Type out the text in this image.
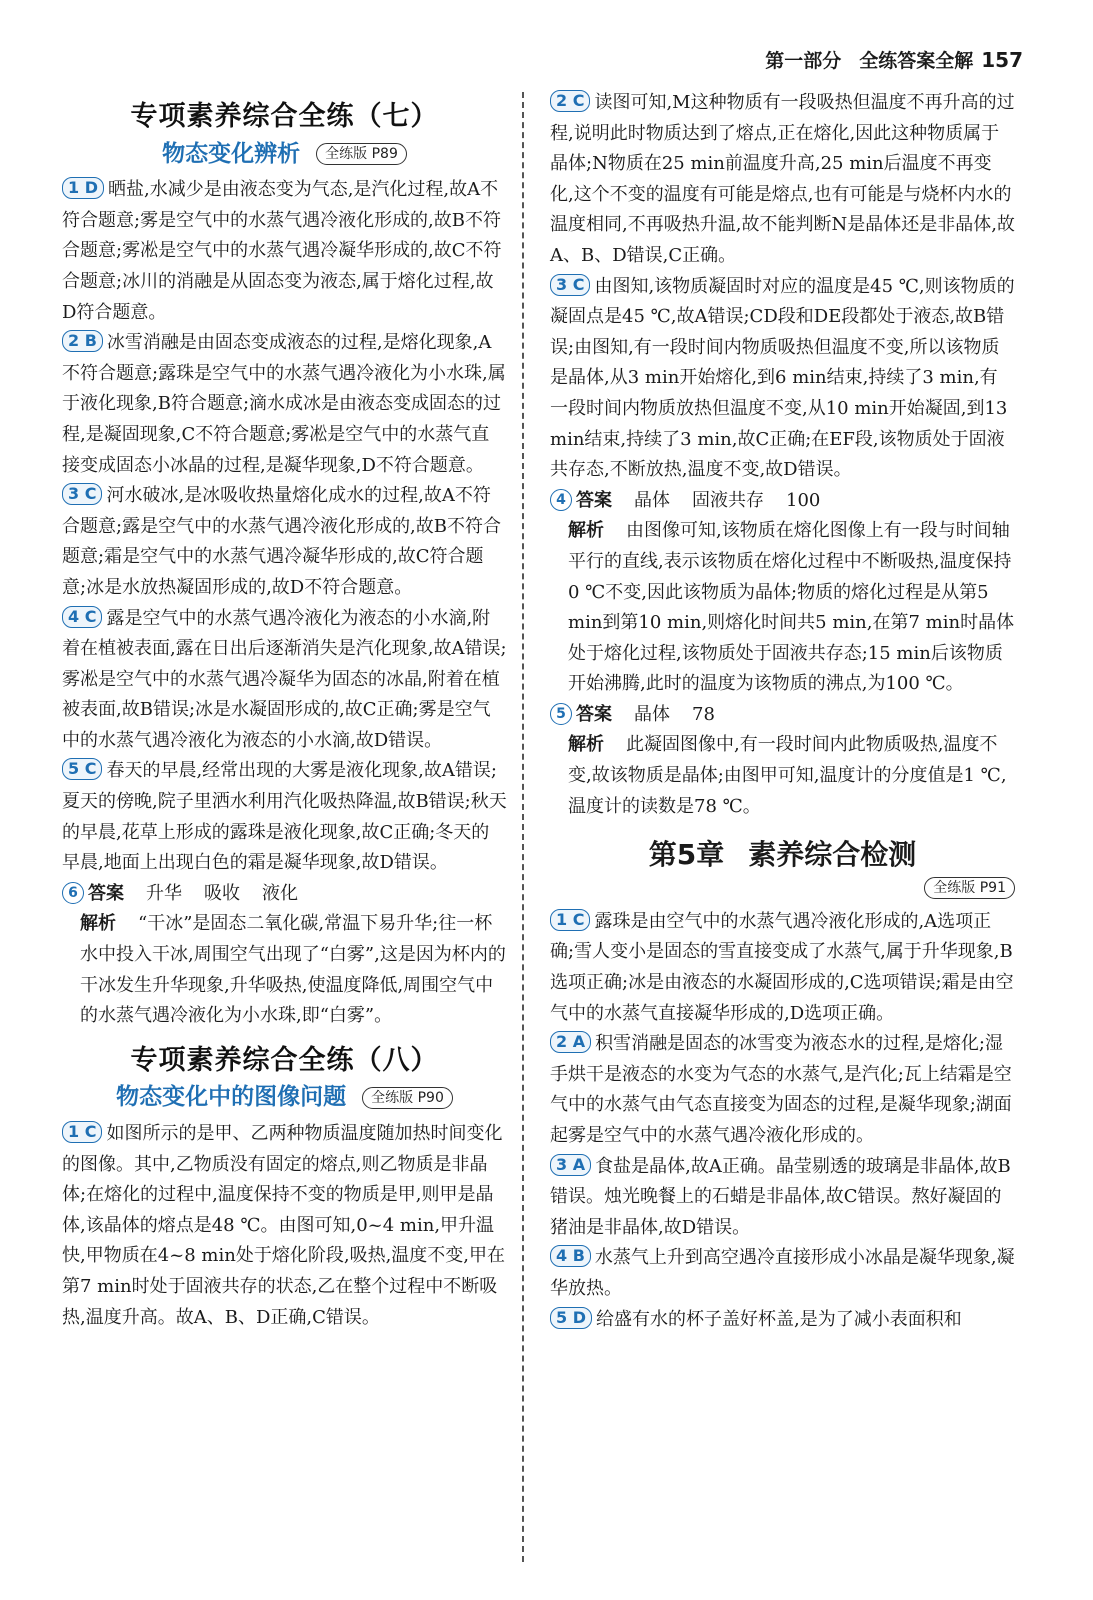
第一部分 全练答案全解 157
专项素养综合全练（七）
物态变化辨析	全练版 P89

1 D 晒盐,水减少是由液态变为气态,是汽化过程,故A不符合题意;雾是空气中的水蒸气遇冷液化形成的,故B不符合题意;雾凇是空气中的水蒸气遇冷凝华形成的,故C不符合题意;冰川的消融是从固态变为液态,属于熔化过程,故D符合题意。

2 B 冰雪消融是由固态变成液态的过程,是熔化现象,A不符合题意;露珠是空气中的水蒸气遇冷液化为小水珠,属于液化现象,B符合题意;滴水成冰是由液态变成固态的过程,是凝固现象,C不符合题意;雾凇是空气中的水蒸气直接变成固态小冰晶的过程,是凝华现象,D不符合题意。

3 C 河水破冰,是冰吸收热量熔化成水的过程,故A不符合题意;露是空气中的水蒸气遇冷液化形成的,故B不符合题意;霜是空气中的水蒸气遇冷凝华形成的,故C符合题意;冰是水放热凝固形成的,故D不符合题意。

4 C 露是空气中的水蒸气遇冷液化为液态的小水滴,附着在植被表面,露在日出后逐渐消失是汽化现象,故A错误;雾凇是空气中的水蒸气遇冷凝华为固态的冰晶,附着在植被表面,故B错误;冰是水凝固形成的,故C正确;雾是空气中的水蒸气遇冷液化为液态的小水滴,故D错误。

5 C 春天的早晨,经常出现的大雾是液化现象,故A错误;夏天的傍晚,院子里洒水利用汽化吸热降温,故B错误;秋天的早晨,花草上形成的露珠是液化现象,故C正确;冬天的早晨,地面上出现白色的霜是凝华现象,故D错误。

6 答案 升华 吸收 液化

解析 “干冰”是固态二氧化碳,常温下易升华;往一杯水中投入干冰,周围空气出现了“白雾”,这是因为杯内的干冰发生升华现象,升华吸热,使温度降低,周围空气中的水蒸气遇冷液化为小水珠,即“白雾”。

专项素养综合全练（八）
物态变化中的图像问题	全练版 P90

1 C 如图所示的是甲、乙两种物质温度随加热时间变化的图像。其中,乙物质没有固定的熔点,则乙物质是非晶体;在熔化的过程中,温度保持不变的物质是甲,则甲是晶体,该晶体的熔点是48 ℃。由图可知,0~4 min,甲升温快,甲物质在4~8 min处于熔化阶段,吸热,温度不变,甲在第7 min时处于固液共存的状态,乙在整个过程中不断吸热,温度升高。故A、B、D正确,C错误。

2 C 读图可知,M这种物质有一段吸热但温度不再升高的过程,说明此时物质达到了熔点,正在熔化,因此这种物质属于晶体;N物质在25 min前温度升高,25 min后温度不再变化,这个不变的温度有可能是熔点,也有可能是与烧杯内水的温度相同,不再吸热升温,故不能判断N是晶体还是非晶体,故A、B、D错误,C正确。

3 C 由图知,该物质凝固时对应的温度是45 ℃,则该物质的凝固点是45 ℃,故A错误;CD段和DE段都处于液态,故B错误;由图知,有一段时间内物质吸热但温度不变,所以该物质是晶体,从3 min开始熔化,到6 min结束,持续了3 min,有一段时间内物质放热但温度不变,从10 min开始凝固,到13 min结束,持续了3 min,故C正确;在EF段,该物质处于固液共存态,不断放热,温度不变,故D错误。

4 答案 晶体 固液共存 100

解析 由图像可知,该物质在熔化图像上有一段与时间轴平行的直线,表示该物质在熔化过程中不断吸热,温度保持0 ℃不变,因此该物质为晶体;物质的熔化过程是从第5 min到第10 min,则熔化时间共5 min,在第7 min时晶体处于熔化过程,该物质处于固液共存态;15 min后该物质开始沸腾,此时的温度为该物质的沸点,为100 ℃。

5 答案 晶体 78

解析 此凝固图像中,有一段时间内此物质吸热,温度不变,故该物质是晶体;由图甲可知,温度计的分度值是1 ℃,温度计的读数是78 ℃。

第5章 素养综合检测
全练版 P91

1 C 露珠是由空气中的水蒸气遇冷液化形成的,A选项正确;雪人变小是固态的雪直接变成了水蒸气,属于升华现象,B选项正确;冰是由液态的水凝固形成的,C选项错误;霜是由空气中的水蒸气直接凝华形成的,D选项正确。

2 A 积雪消融是固态的冰雪变为液态水的过程,是熔化;湿手烘干是液态的水变为气态的水蒸气,是汽化;瓦上结霜是空气中的水蒸气由气态直接变为固态的过程,是凝华现象;湖面起雾是空气中的水蒸气遇冷液化形成的。

3 A 食盐是晶体,故A正确。晶莹剔透的玻璃是非晶体,故B错误。烛光晚餐上的石蜡是非晶体,故C错误。熬好凝固的猪油是非晶体,故D错误。

4 B 水蒸气上升到高空遇冷直接形成小冰晶是凝华现象,凝华放热。

5 D 给盛有水的杯子盖好杯盖,是为了减小表面积和
